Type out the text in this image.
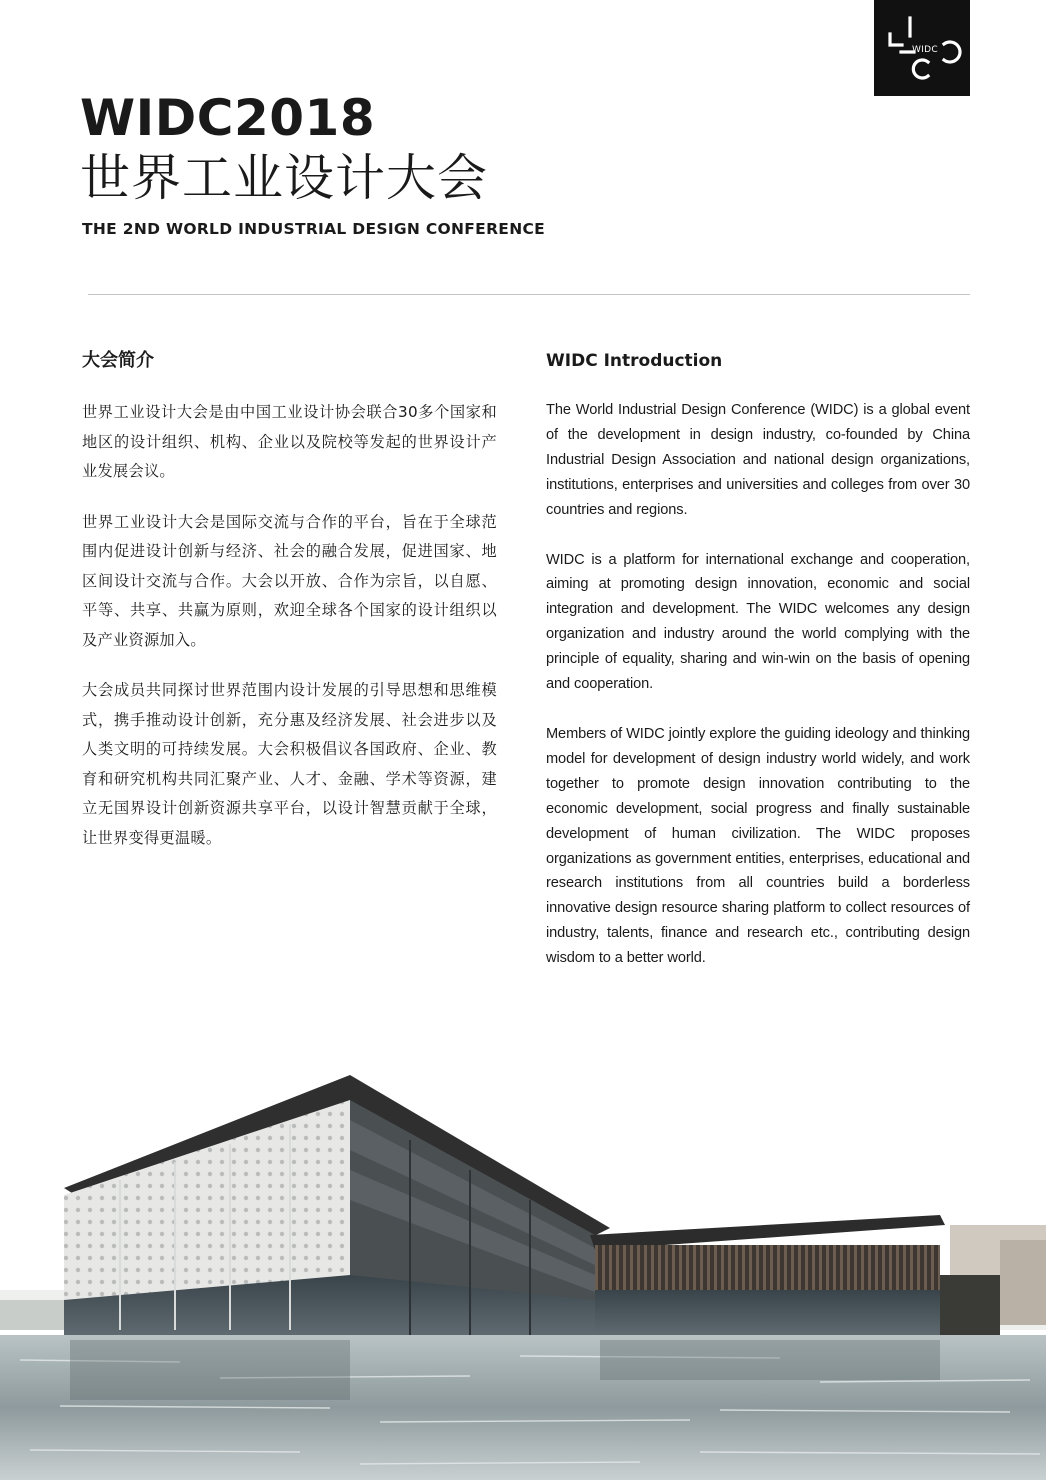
WIDC
WIDC2018
世界工业设计大会
THE 2ND WORLD INDUSTRIAL DESIGN CONFERENCE
大会简介

世界工业设计大会是由中国工业设计协会联合30多个国家和地区的设计组织、机构、企业以及院校等发起的世界设计产业发展会议。

世界工业设计大会是国际交流与合作的平台，旨在于全球范围内促进设计创新与经济、社会的融合发展，促进国家、地区间设计交流与合作。大会以开放、合作为宗旨，以自愿、平等、共享、共赢为原则，欢迎全球各个国家的设计组织以及产业资源加入。

大会成员共同探讨世界范围内设计发展的引导思想和思维模式，携手推动设计创新，充分惠及经济发展、社会进步以及人类文明的可持续发展。大会积极倡议各国政府、企业、教育和研究机构共同汇聚产业、人才、金融、学术等资源，建立无国界设计创新资源共享平台，以设计智慧贡献于全球，让世界变得更温暖。

WIDC Introduction

The World Industrial Design Conference (WIDC) is a global event of the development in design industry, co-founded by China Industrial Design Association and national design organizations, institutions, enterprises and universities and colleges from over 30 countries and regions.

WIDC is a platform for international exchange and cooperation, aiming at promoting design innovation, economic and social integration and development. The WIDC welcomes any design organization and industry around the world complying with the principle of equality, sharing and win-win on the basis of opening and cooperation.

Members of WIDC jointly explore the guiding ideology and thinking model for development of design industry world widely, and work together to promote design innovation contributing to the economic development, social progress and finally sustainable development of human civilization. The WIDC proposes organizations as government entities, enterprises, educational and research institutions from all countries build a borderless innovative design resource sharing platform to collect resources of industry, talents, finance and research etc., contributing design wisdom to a better world.
